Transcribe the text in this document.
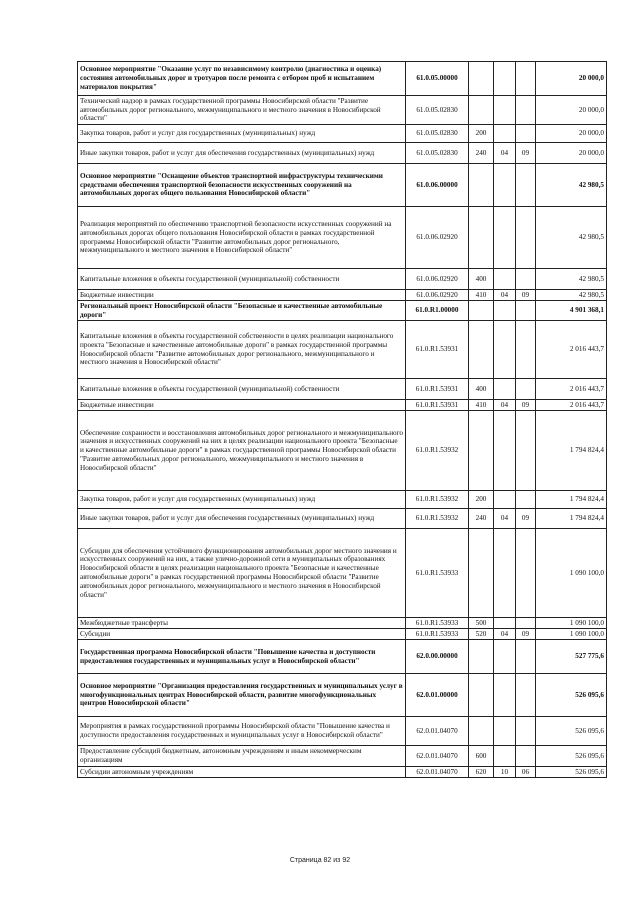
Основное мероприятие "Оказание услуг по независимому контролю (диагностика и оценка) состояния автомобильных дорог и тротуаров после ремонта с отбором проб и испытанием материалов покрытия"	61.0.05.00000				20 000,0
Технический надзор в рамках государственной программы Новосибирской области "Развитие автомобильных дорог регионального, межмуниципального и местного значения в Новосибирской области"	61.0.05.02830				20 000,0
Закупка товаров, работ и услуг для государственных (муниципальных) нужд	61.0.05.02830	200			20 000,0
Иные закупки товаров, работ и услуг для обеспечения государственных (муниципальных) нужд	61.0.05.02830	240	04	09	20 000,0
Основное мероприятие "Оснащение объектов транспортной инфраструктуры техническими средствами обеспечения транспортной безопасности искусственных сооружений на автомобильных дорогах общего пользования Новосибирской области"	61.0.06.00000				42 980,5
Реализация мероприятий по обеспечению транспортной безопасности искусственных сооружений на автомобильных дорогах общего пользования Новосибирской области в рамках государственной программы Новосибирской области "Развитие автомобильных дорог регионального, межмуниципального и местного значения в Новосибирской области"	61.0.06.02920				42 980,5
Капитальные вложения в объекты государственной (муниципальной) собственности	61.0.06.02920	400			42 980,5
Бюджетные инвестиции	61.0.06.02920	410	04	09	42 980,5
Региональный проект Новосибирской области "Безопасные и качественные автомобильные дороги"	61.0.R1.00000				4 901 368,1
Капитальные вложения в объекты государственной собственности в целях реализации национального проекта "Безопасные и качественные автомобильные дороги" в рамках государственной программы Новосибирской области "Развитие автомобильных дорог регионального, межмуниципального и местного значения в Новосибирской области"	61.0.R1.53931				2 016 443,7
Капитальные вложения в объекты государственной (муниципальной) собственности	61.0.R1.53931	400			2 016 443,7
Бюджетные инвестиции	61.0.R1.53931	410	04	09	2 016 443,7
Обеспечение сохранности и восстановления автомобильных дорог регионального и межмуниципального значения и искусственных сооружений на них в целях реализации национального проекта "Безопасные и качественные автомобильные дороги" в рамках государственной программы Новосибирской области "Развитие автомобильных дорог регионального, межмуниципального и местного значения в Новосибирской области"	61.0.R1.53932				1 794 824,4
Закупка товаров, работ и услуг для государственных (муниципальных) нужд	61.0.R1.53932	200			1 794 824,4
Иные закупки товаров, работ и услуг для обеспечения государственных (муниципальных) нужд	61.0.R1.53932	240	04	09	1 794 824,4
Субсидии для обеспечения устойчивого функционирования автомобильных дорог местного значения и искусственных сооружений на них, а также улично-дорожной сети в муниципальных образованиях Новосибирской области в целях реализации национального проекта "Безопасные и качественные автомобильные дороги" в рамках государственной программы Новосибирской области "Развитие автомобильных дорог регионального, межмуниципального и местного значения в Новосибирской области"	61.0.R1.53933				1 090 100,0
Межбюджетные трансферты	61.0.R1.53933	500			1 090 100,0
Субсидии	61.0.R1.53933	520	04	09	1 090 100,0
Государственная программа Новосибирской области "Повышение качества и доступности предоставления государственных и муниципальных услуг в Новосибирской области"	62.0.00.00000				527 775,6
Основное мероприятие "Организация предоставления государственных и муниципальных услуг в многофункциональных центрах Новосибирской области, развитие многофункциональных центров Новосибирской области"	62.0.01.00000				526 095,6
Мероприятия в рамках государственной программы Новосибирской области "Повышение качества и доступности предоставления государственных и муниципальных услуг в Новосибирской области"	62.0.01.04070				526 095,6
Предоставление субсидий бюджетным, автономным учреждениям и иным некоммерческим организациям	62.0.01.04070	600			526 095,6
Субсидии автономным учреждениям	62.0.01.04070	620	10	06	526 095,6
Страница 82 из 92
